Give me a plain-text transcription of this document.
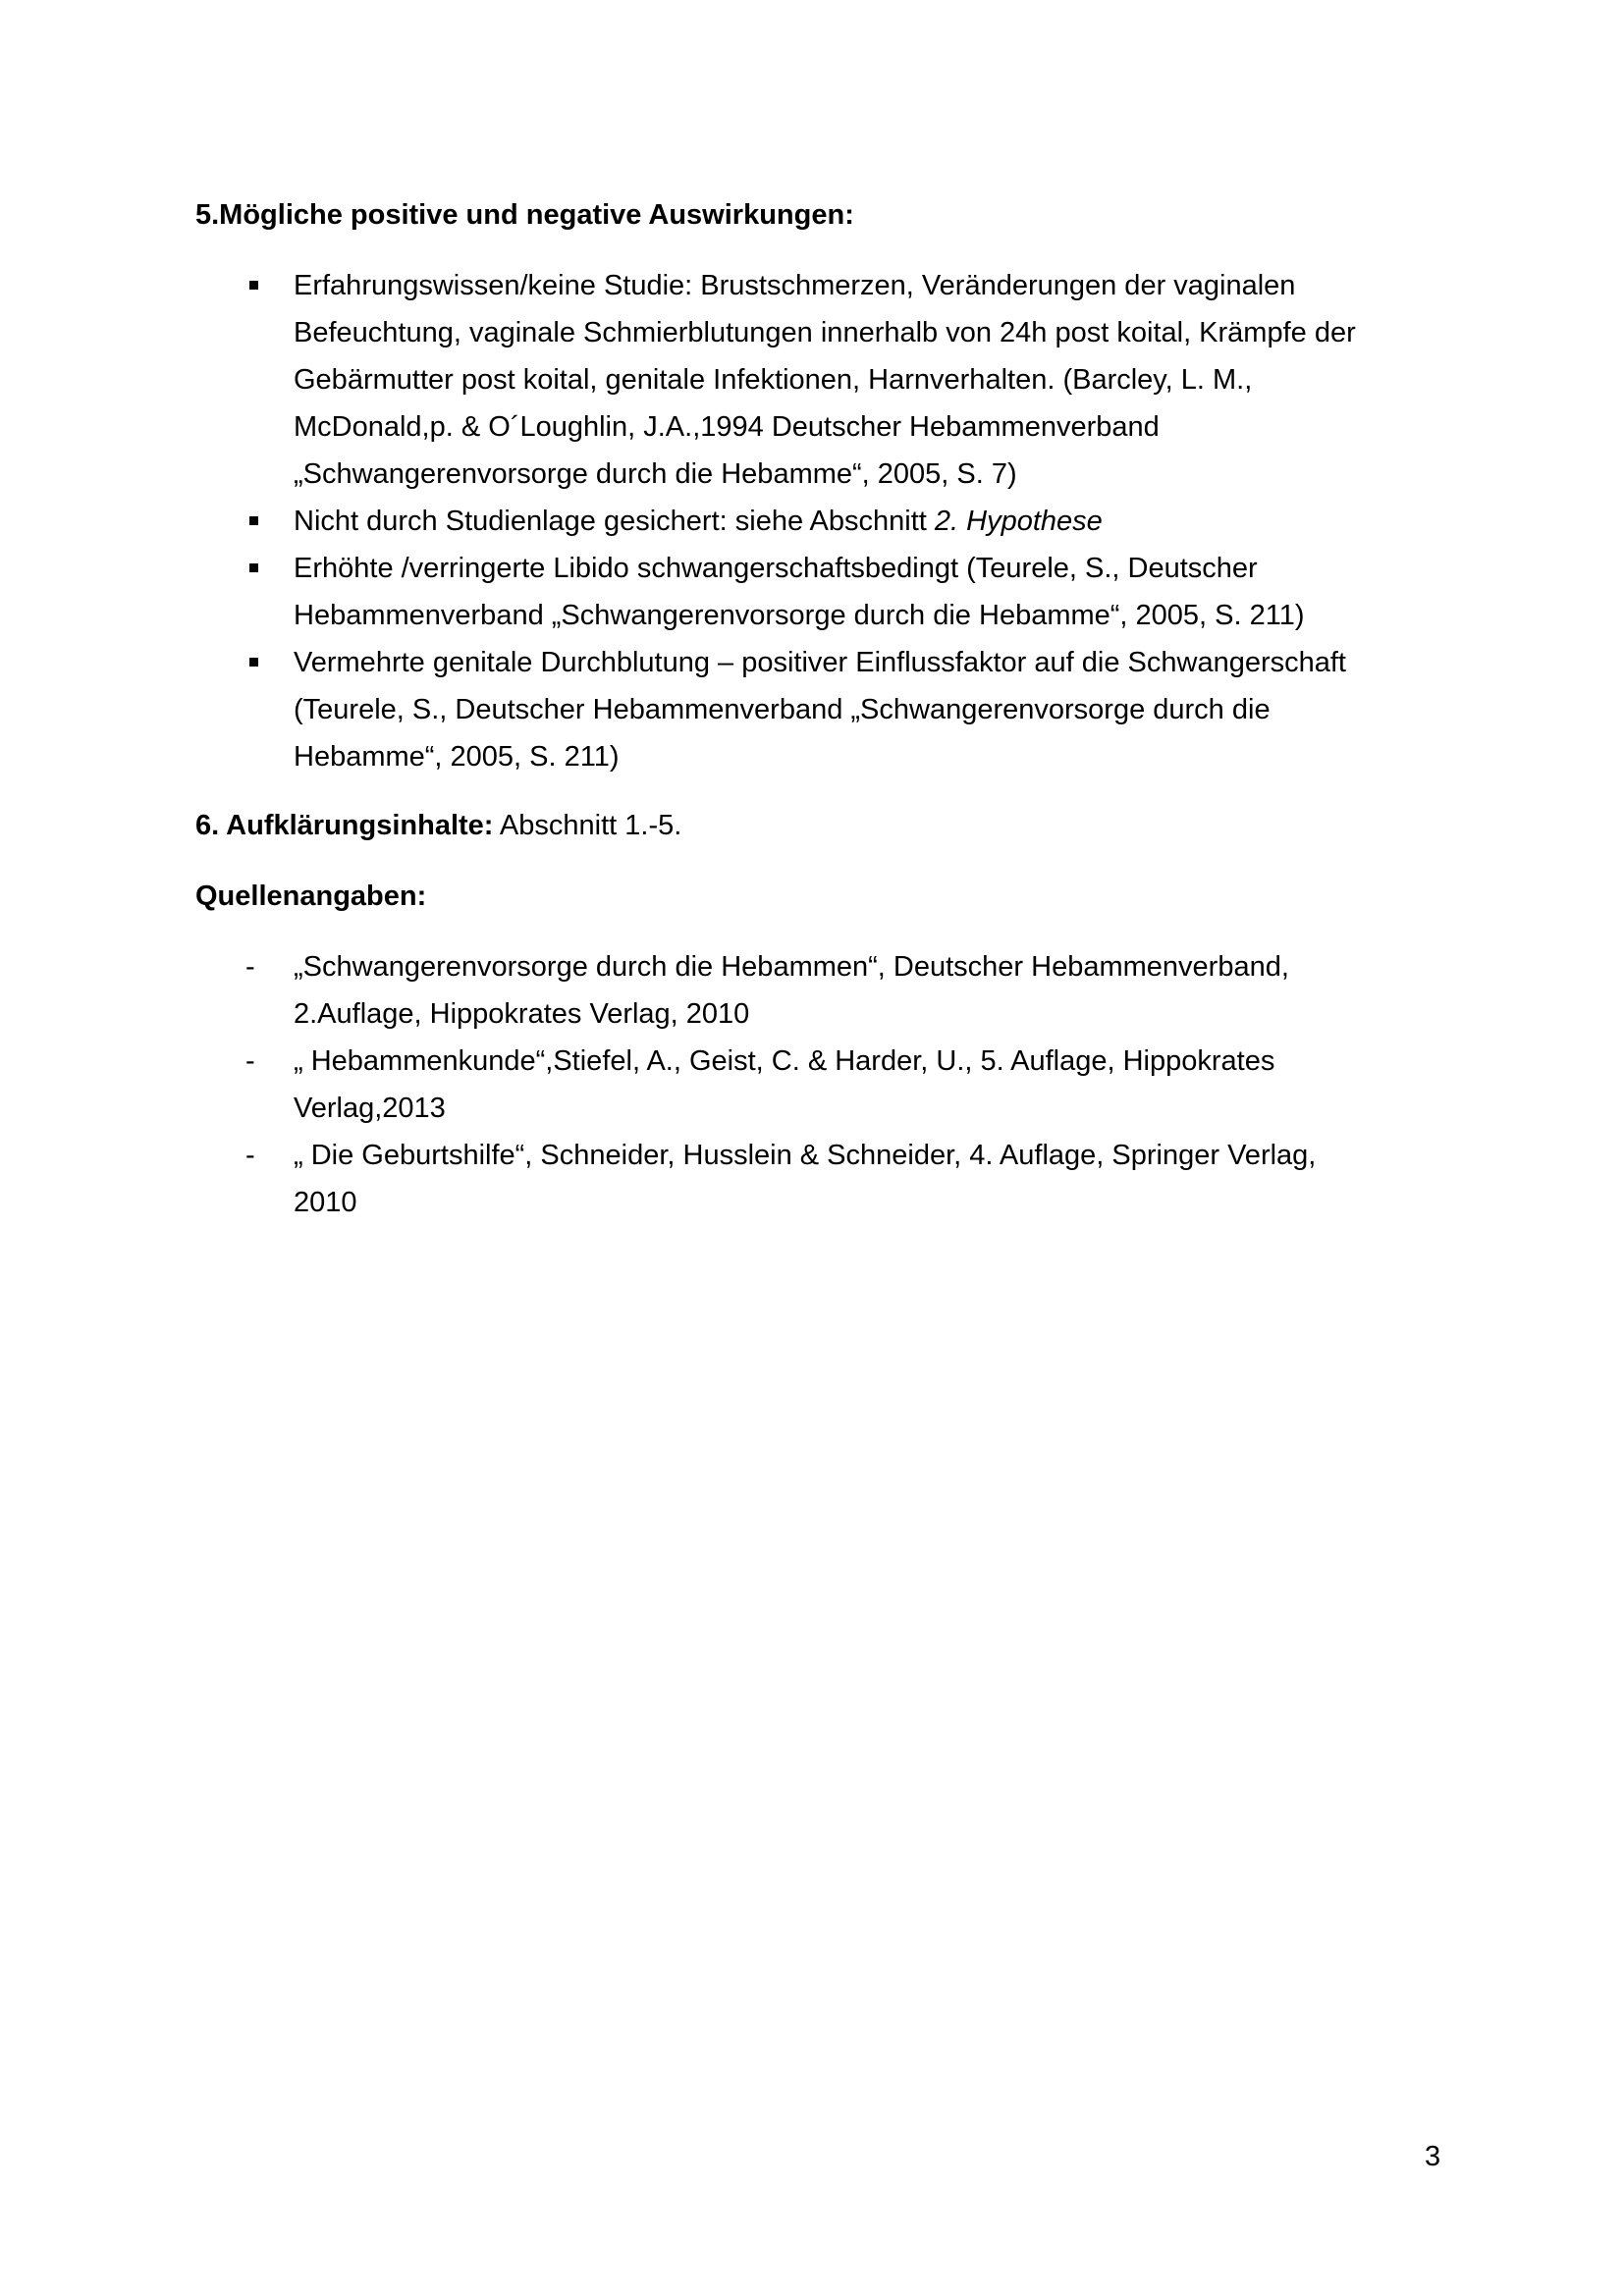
5.Mögliche positive und negative Auswirkungen:
Erfahrungswissen/keine Studie: Brustschmerzen, Veränderungen der vaginalen
Befeuchtung, vaginale Schmierblutungen innerhalb von 24h post koital, Krämpfe der
Gebärmutter post koital, genitale Infektionen, Harnverhalten. (Barcley, L. M.,
McDonald,p. & O´Loughlin, J.A.,1994 Deutscher Hebammenverband
„Schwangerenvorsorge durch die Hebamme“, 2005, S. 7)
Nicht durch Studienlage gesichert: siehe Abschnitt 2. Hypothese
Erhöhte /verringerte Libido schwangerschaftsbedingt (Teurele, S., Deutscher
Hebammenverband „Schwangerenvorsorge durch die Hebamme“, 2005, S. 211)
Vermehrte genitale Durchblutung – positiver Einflussfaktor auf die Schwangerschaft
(Teurele, S., Deutscher Hebammenverband „Schwangerenvorsorge durch die
Hebamme“, 2005, S. 211)

6. Aufklärungsinhalte: Abschnitt 1.-5.

Quellenangaben:
- „Schwangerenvorsorge durch die Hebammen“, Deutscher Hebammenverband,
2.Auflage, Hippokrates Verlag, 2010
- „ Hebammenkunde“,Stiefel, A., Geist, C. & Harder, U., 5. Auflage, Hippokrates
Verlag,2013
- „ Die Geburtshilfe“, Schneider, Husslein & Schneider, 4. Auflage, Springer Verlag,
2010

3
